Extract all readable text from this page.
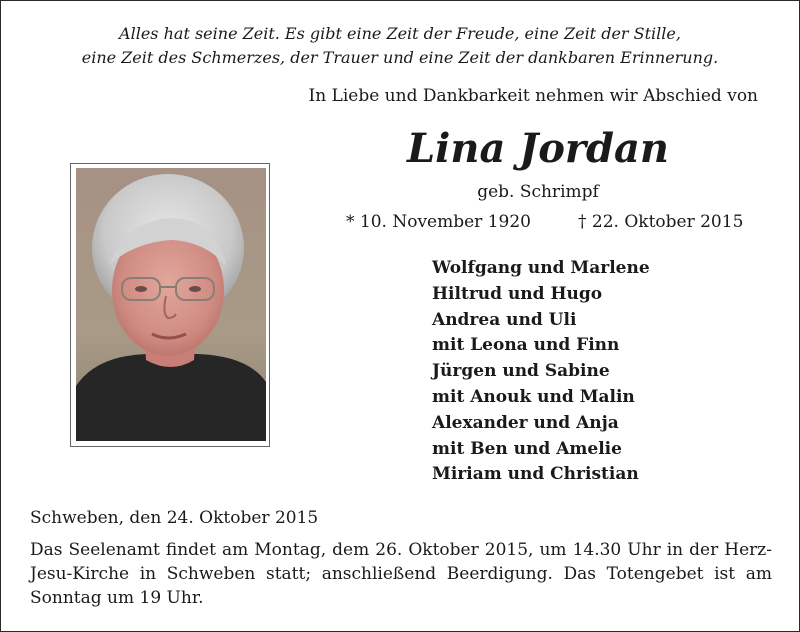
Alles hat seine Zeit. Es gibt eine Zeit der Freude, eine Zeit der Stille,
eine Zeit des Schmerzes, der Trauer und eine Zeit der dankbaren Erinnerung.
In Liebe und Dankbarkeit nehmen wir Abschied von
Lina Jordan
geb. Schrimpf
* 10. November 1920	† 22. Oktober 2015
Wolfgang und Marlene
Hiltrud und Hugo
Andrea und Uli
mit Leona und Finn
Jürgen und Sabine
mit Anouk und Malin
Alexander und Anja
mit Ben und Amelie
Miriam und Christian
Schweben, den 24. Oktober 2015
Das Seelenamt findet am Montag, dem 26. Oktober 2015, um 14.30 Uhr in der Herz-Jesu-Kirche in Schweben statt; anschließend Beerdigung. Das Totengebet ist am Sonntag um 19 Uhr.
